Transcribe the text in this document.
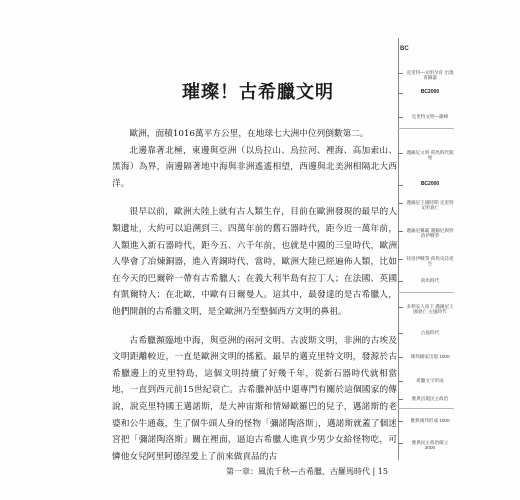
璀璨！古希臘文明

歐洲，面積1016萬平方公里，在地球七大洲中位列倒數第二。

北邊靠著北極，東邊與亞洲（以烏拉山、烏拉河、裡海、高加索山、黑海）為界，南邊隔著地中海與非洲遙遙相望，西邊與北美洲相隔北大西洋。

很早以前，歐洲大陸上就有古人類生存，目前在歐洲發現的最早的人類遺址，大約可以追溯到三、四萬年前的舊石器時代，距今近一萬年前，人類進入新石器時代，距今五、六千年前，也就是中國的三皇時代，歐洲人學會了冶煉銅器，進入青銅時代，當時，歐洲大陸已經遍佈人類，比如在今天的巴爾幹一帶有古希臘人；在義大利半島有拉丁人；在法國、英國有凱爾特人；在北歐，中歐有日爾曼人。這其中，最發達的是古希臘人，他們開創的古希臘文明，是全歐洲乃至整個西方文明的鼻祖。

古希臘瀕臨地中海，與亞洲的兩河文明、古波斯文明，非洲的古埃及文明距離較近，一直是歐洲文明的搖籃。最早的邁克里特文明，發源於古希臘邊上的克里特島，這個文明持續了好幾千年，從新石器時代就相當地，一直到西元前15世紀衰亡。古希臘神話中還專門有關於這個國家的傳說，說克里特國王邁諾斯，是大神宙斯和情婦歐羅巴的兒子，邁諾斯的老婆和公牛通姦，生了個牛頭人身的怪物「彌諾陶洛斯」，邁諾斯就蓋了個迷宮把「彌諾陶洛斯」關在裡面，逼迫古希臘人進貢少男少女給怪物吃，可憐他女兒阿里阿德涅愛上了前來做貢品的古

BC
克里特—文明孕育 出現青銅器
BC2000
克里特文明—巔峰
邁錫尼文明 荷馬時代開始
BC2000
邁錫尼王國時期 克里特文明衰亡
邁錫尼稱霸 邁錫尼與特洛伊戰爭
特洛伊戰爭 荷馬史詩產生
荷馬時代
多利安人南下 邁錫尼王國衰亡 古風時代
古風時代
城邦國家出現 1000
希臘文字形成
雅典出現民主政治
雅典城邦形成 1000
雅典民主政治確立 2000
第一章：風流千秋—古希臘、古羅馬時代 | 15
